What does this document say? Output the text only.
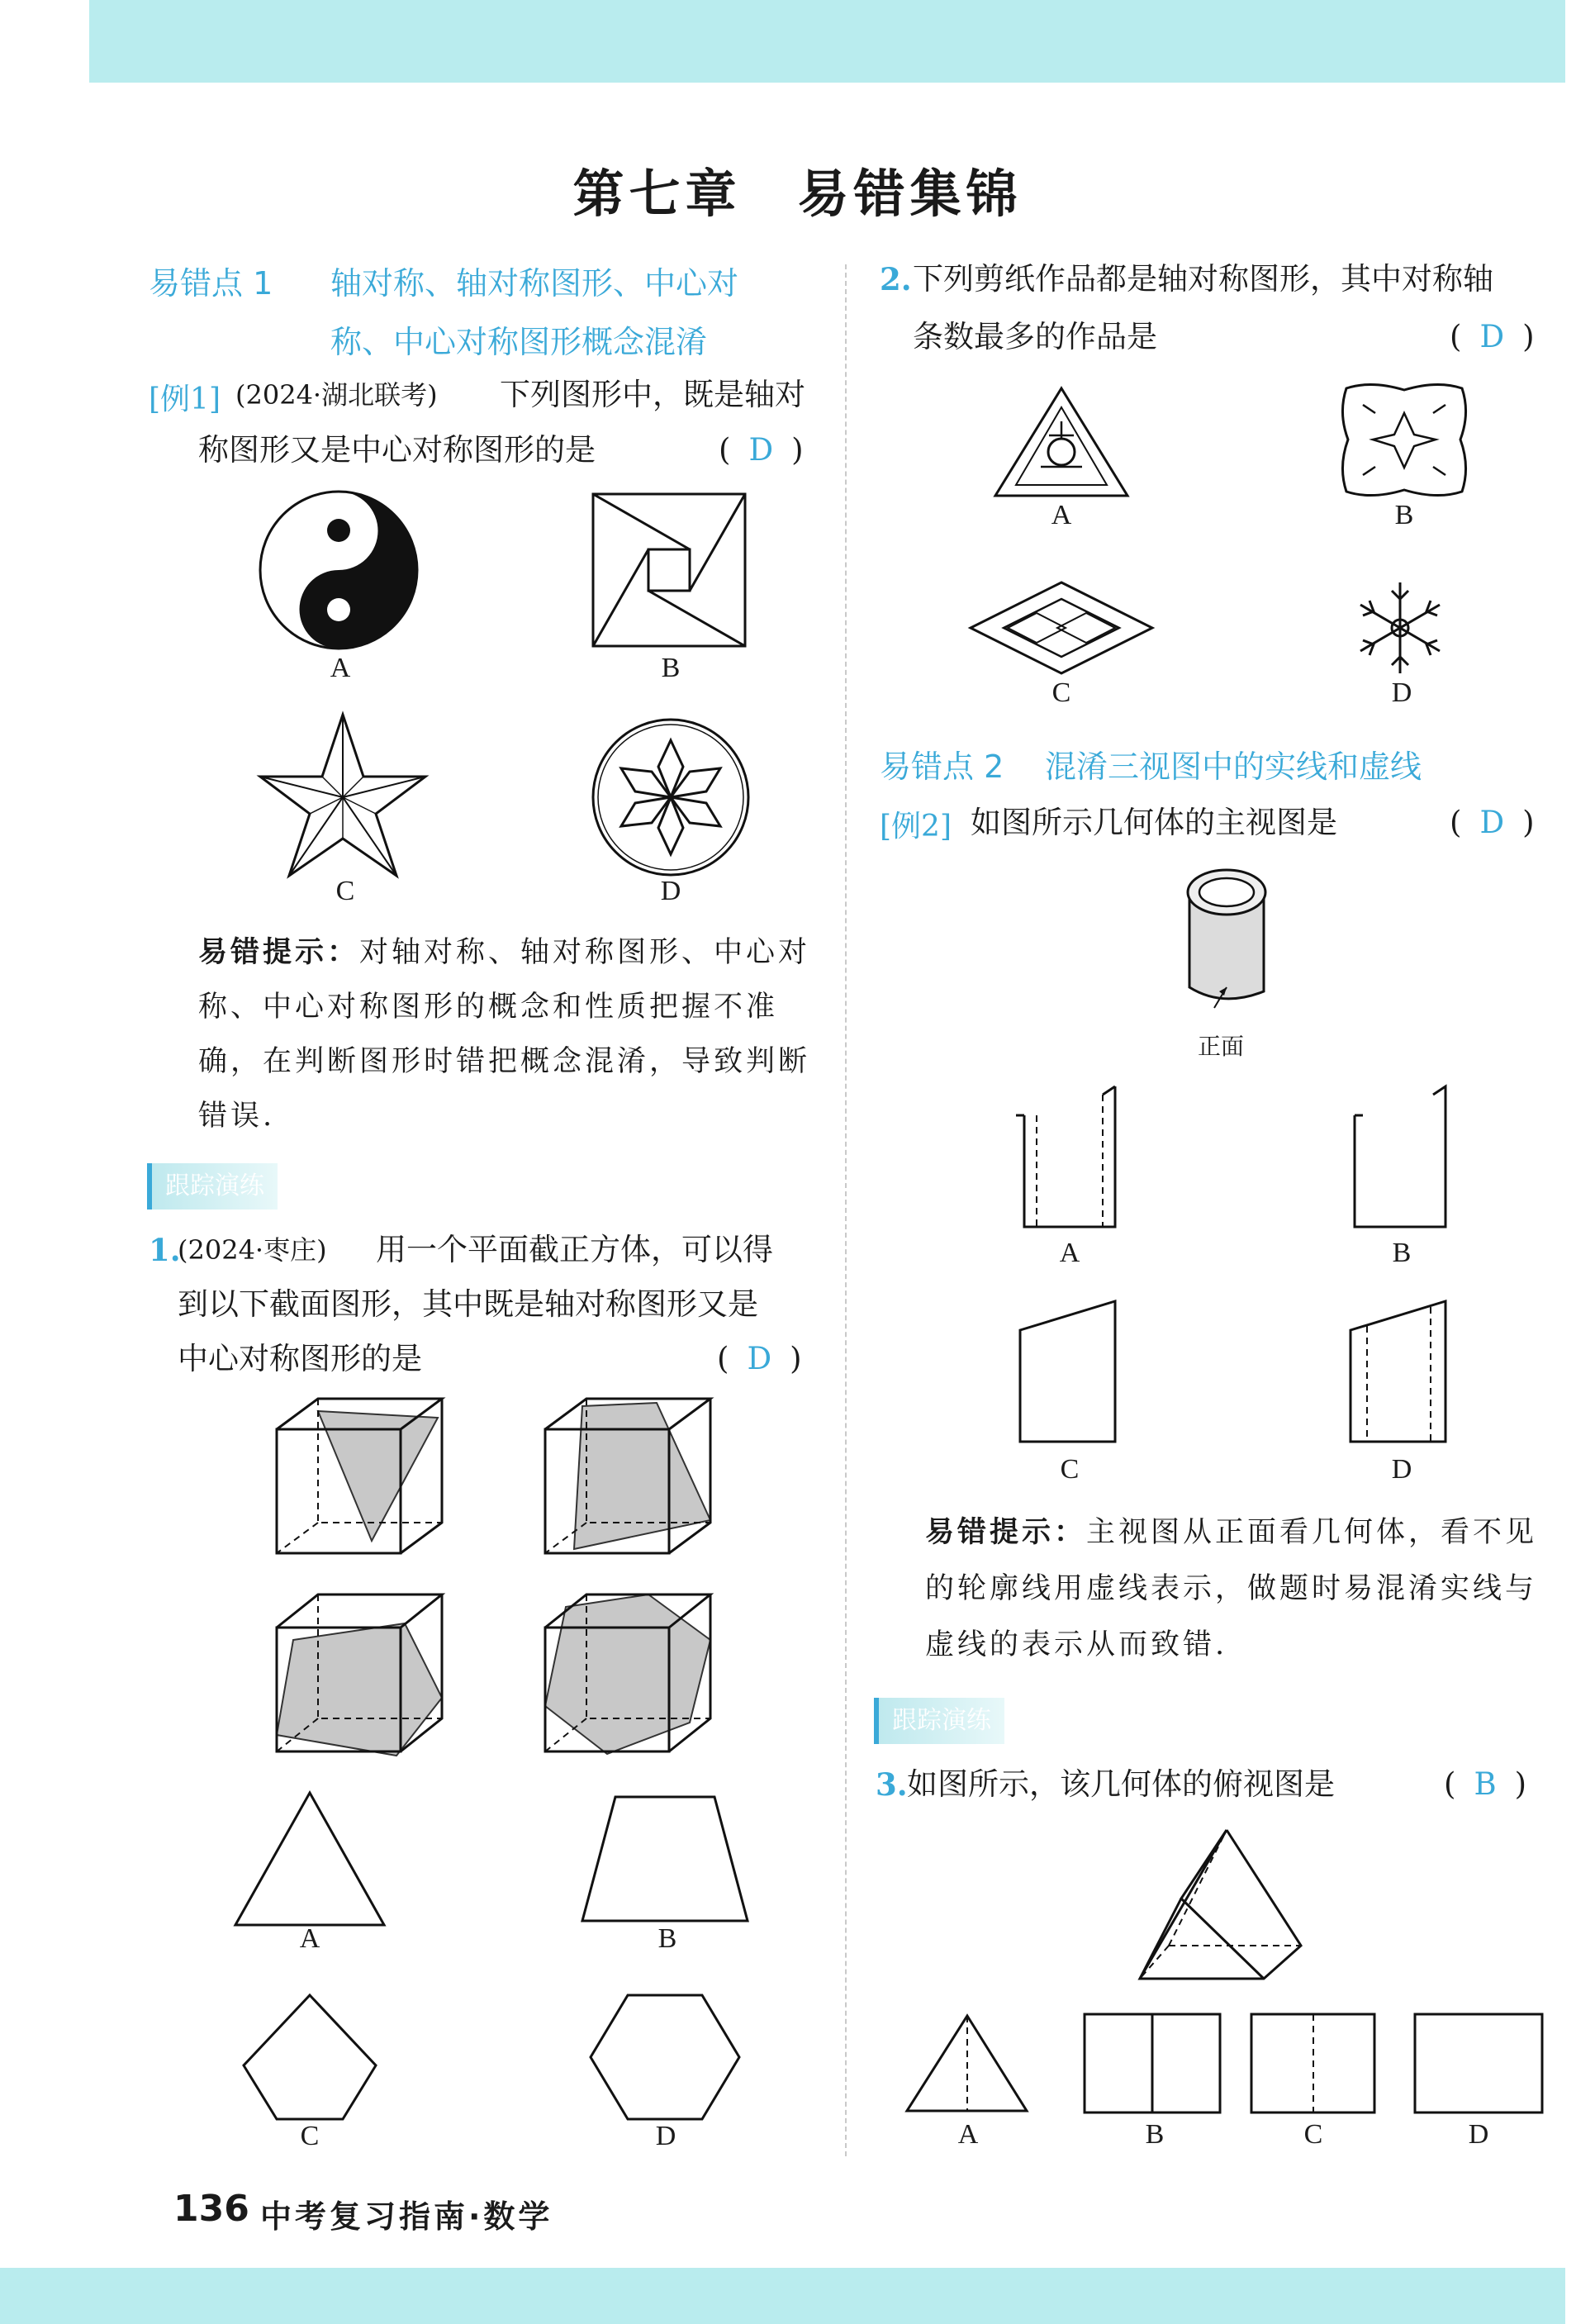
第七章　易错集锦
易错点 1 轴对称、轴对称图形、中心对
称、中心对称图形概念混淆
[例1] (2024·湖北联考) 下列图形中，既是轴对
称图形又是中心对称图形的是	( D )
A	B
C	D
易错提示：对轴对称、轴对称图形、中心对
称、中心对称图形的概念和性质把握不准
确，在判断图形时错把概念混淆，导致判断
错误.
跟踪演练
1.
(2024·枣庄) 用一个平面截正方体，可以得
到以下截面图形，其中既是轴对称图形又是
中心对称图形的是	( D )
A	B
C	D
2. 下列剪纸作品都是轴对称图形，其中对称轴
条数最多的作品是	( D )
A	B
C	D
易错点 2 混淆三视图中的实线和虚线
[例2] 如图所示几何体的主视图是	( D )
正面
A	B
C	D
易错提示：主视图从正面看几何体，看不见
的轮廓线用虚线表示，做题时易混淆实线与
虚线的表示从而致错.
跟踪演练
3. 如图所示，该几何体的俯视图是	( B )
A	B	C	D
136 中考复习指南·数学
